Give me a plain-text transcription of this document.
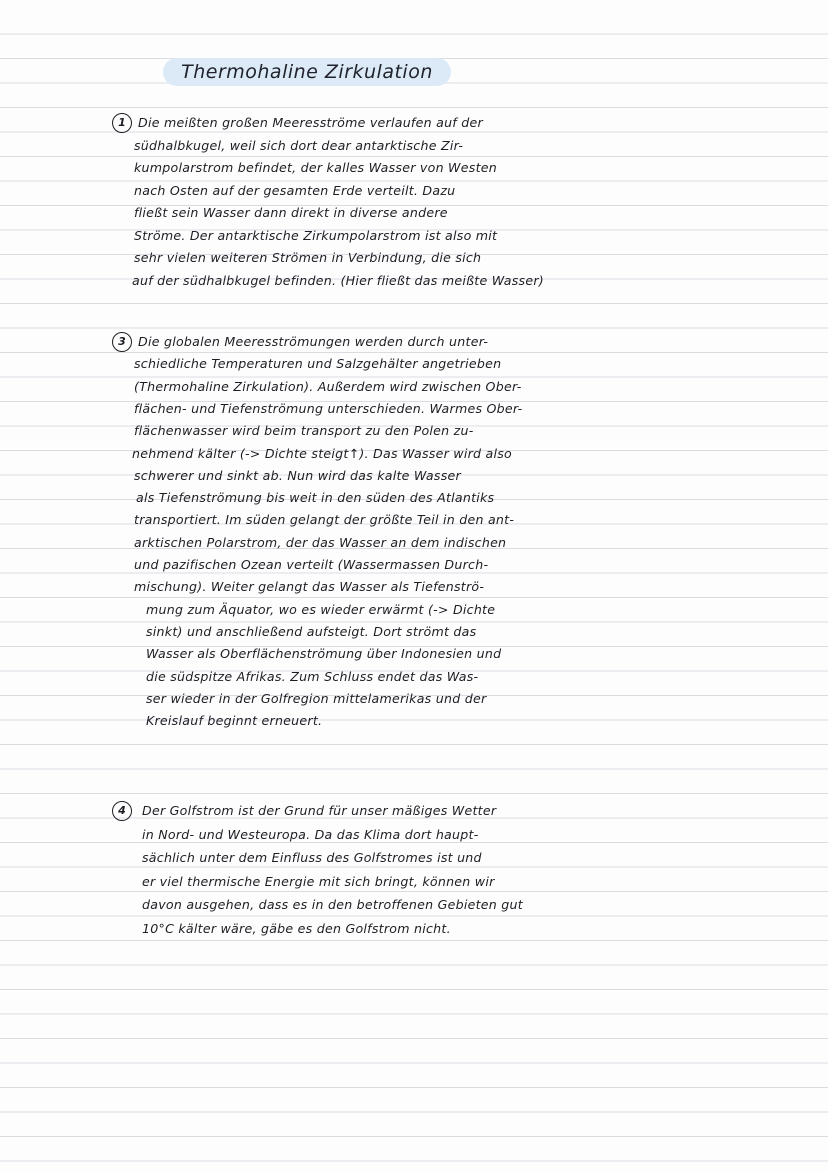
Thermohaline Zirkulation
1 Die meißten großen Meeresströme verlaufen auf der
südhalbkugel, weil sich dort dear antarktische Zir-
kumpolarstrom befindet, der kalles Wasser von Westen
nach Osten auf der gesamten Erde verteilt. Dazu
fließt sein Wasser dann direkt in diverse andere
Ströme. Der antarktische Zirkumpolarstrom ist also mit
sehr vielen weiteren Strömen in Verbindung, die sich
auf der südhalbkugel befinden. (Hier fließt das meißte Wasser)
3 Die globalen Meeresströmungen werden durch unter-
schiedliche Temperaturen und Salzgehälter angetrieben
(Thermohaline Zirkulation). Außerdem wird zwischen Ober-
flächen- und Tiefenströmung unterschieden. Warmes Ober-
flächenwasser wird beim transport zu den Polen zu-
nehmend kälter (-> Dichte steigt↑). Das Wasser wird also
schwerer und sinkt ab. Nun wird das kalte Wasser
als Tiefenströmung bis weit in den süden des Atlantiks
transportiert. Im süden gelangt der größte Teil in den ant-
arktischen Polarstrom, der das Wasser an dem indischen
und pazifischen Ozean verteilt (Wassermassen Durch-
mischung). Weiter gelangt das Wasser als Tiefenströ-
mung zum Äquator, wo es wieder erwärmt (-> Dichte
sinkt) und anschließend aufsteigt. Dort strömt das
Wasser als Oberflächenströmung über Indonesien und
die südspitze Afrikas. Zum Schluss endet das Was-
ser wieder in der Golfregion mittelamerikas und der
Kreislauf beginnt erneuert.
4	Der Golfstrom ist der Grund für unser mäßiges Wetter
in Nord- und Westeuropa. Da das Klima dort haupt-
sächlich unter dem Einfluss des Golfstromes ist und
er viel thermische Energie mit sich bringt, können wir
davon ausgehen, dass es in den betroffenen Gebieten gut
10°C kälter wäre, gäbe es den Golfstrom nicht.
